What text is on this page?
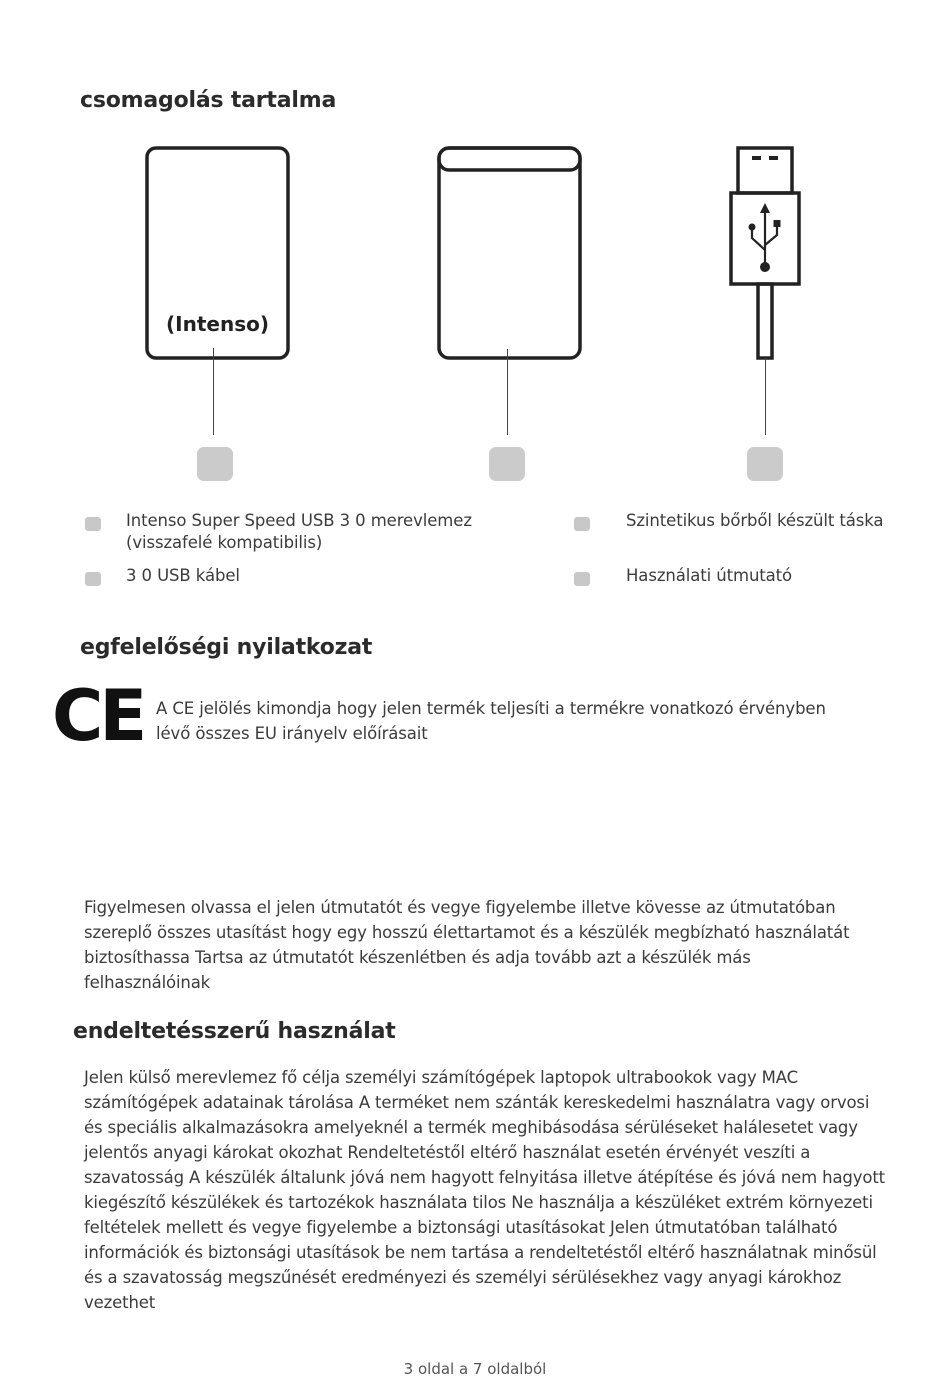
csomagolás tartalma
(Intenso)
Intenso Super Speed USB 3 0 merevlemez
(visszafelé kompatibilis)
3 0 USB kábel
Szintetikus bőrből készült táska
Használati útmutató
egfelelőségi nyilatkozat
CE A CE jelölés kimondja hogy jelen termék teljesíti a termékre vonatkozó érvényben
lévő összes EU irányelv előírásait
Figyelmesen olvassa el jelen útmutatót és vegye figyelembe illetve kövesse az útmutatóban
szereplő összes utasítást hogy egy hosszú élettartamot és a készülék megbízható használatát
biztosíthassa Tartsa az útmutatót készenlétben és adja tovább azt a készülék más
felhasználóinak
endeltetésszerű használat
Jelen külső merevlemez fő célja személyi számítógépek laptopok ultrabookok vagy MAC
számítógépek adatainak tárolása A terméket nem szánták kereskedelmi használatra vagy orvosi
és speciális alkalmazásokra amelyeknél a termék meghibásodása sérüléseket halálesetet vagy
jelentős anyagi károkat okozhat Rendeltetéstől eltérő használat esetén érvényét veszíti a
szavatosság A készülék általunk jóvá nem hagyott felnyitása illetve átépítése és jóvá nem hagyott
kiegészítő készülékek és tartozékok használata tilos Ne használja a készüléket extrém környezeti
feltételek mellett és vegye figyelembe a biztonsági utasításokat Jelen útmutatóban található
információk és biztonsági utasítások be nem tartása a rendeltetéstől eltérő használatnak minősül
és a szavatosság megszűnését eredményezi és személyi sérülésekhez vagy anyagi károkhoz
vezethet
3 oldal a 7 oldalból
